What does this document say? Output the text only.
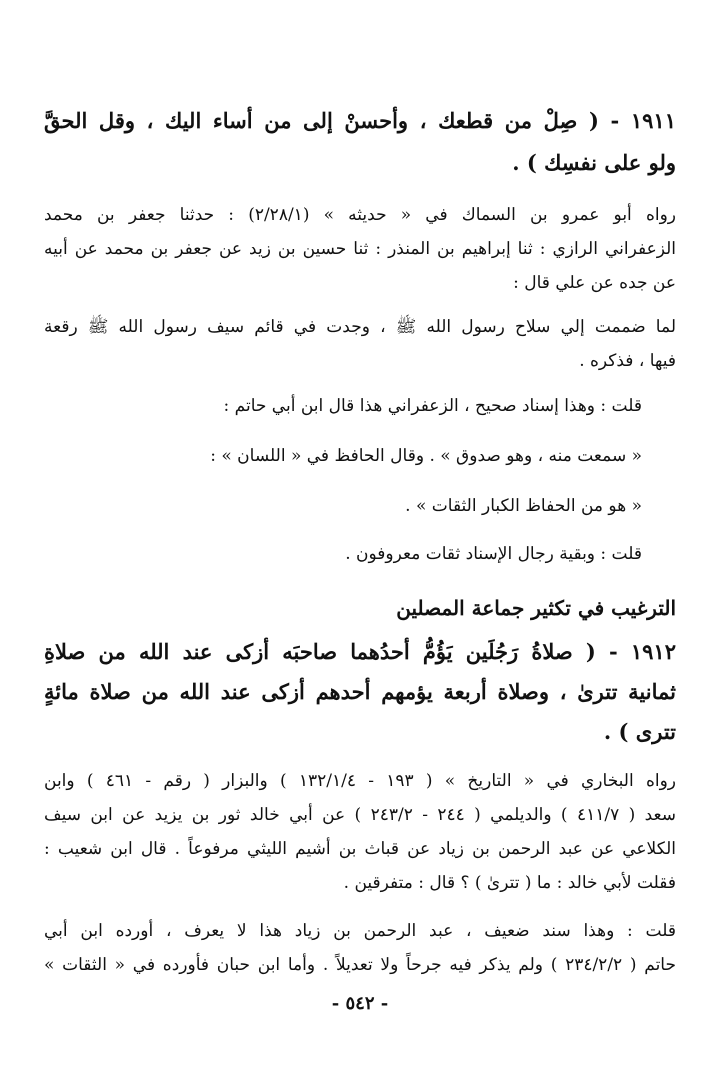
١٩١١ - ( صِلْ من قطعك ، وأحسنْ إلى من أساء اليك ، وقل الحقَّ
ولو على نفسِك ) .
رواه أبو عمرو بن السماك في « حديثه » (٢/٢٨/١) : حدثنا جعفر بن محمد
الزعفراني الرازي : ثنا إبراهيم بن المنذر : ثنا حسين بن زيد عن جعفر بن محمد عن أبيه
عن جده عن علي قال :
لما ضممت إلي سلاح رسول الله ﷺ ، وجدت في قائم سيف رسول الله ﷺ رقعة
فيها ، فذكره .
قلت : وهذا إسناد صحيح ، الزعفراني هذا قال ابن أبي حاتم :
« سمعت منه ، وهو صدوق » . وقال الحافظ في « اللسان » :
« هو من الحفاظ الكبار الثقات » .
قلت : وبقية رجال الإسناد ثقات معروفون .
الترغيب في تكثير جماعة المصلين
١٩١٢ - ( صلاةُ رَجُلَين يَؤُمُّ أحدُهما صاحبَه أزكى عند الله من صلاةِ
ثمانية تترىٰ ، وصلاة أربعة يؤمهم أحدهم أزكى عند الله من صلاة مائةٍ
تترى ) .
رواه البخاري في « التاريخ » ( ١٩٣ - ١٣٢/١/٤ ) والبزار ( رقم - ٤٦١ ) وابن
سعد ( ٤١١/٧ ) والديلمي ( ٢٤٤ - ٢٤٣/٢ ) عن أبي خالد ثور بن يزيد عن ابن سيف
الكلاعي عن عبد الرحمن بن زياد عن قباث بن أشيم الليثي مرفوعاً . قال ابن شعيب :
فقلت لأبي خالد : ما ( تترىٰ ) ؟ قال : متفرقين .
قلت : وهذا سند ضعيف ، عبد الرحمن بن زياد هذا لا يعرف ، أورده ابن أبي
حاتم ( ٢٣٤/٢/٢ ) ولم يذكر فيه جرحاً ولا تعديلاً . وأما ابن حبان فأورده في « الثقات »
- ٥٤٢ -
